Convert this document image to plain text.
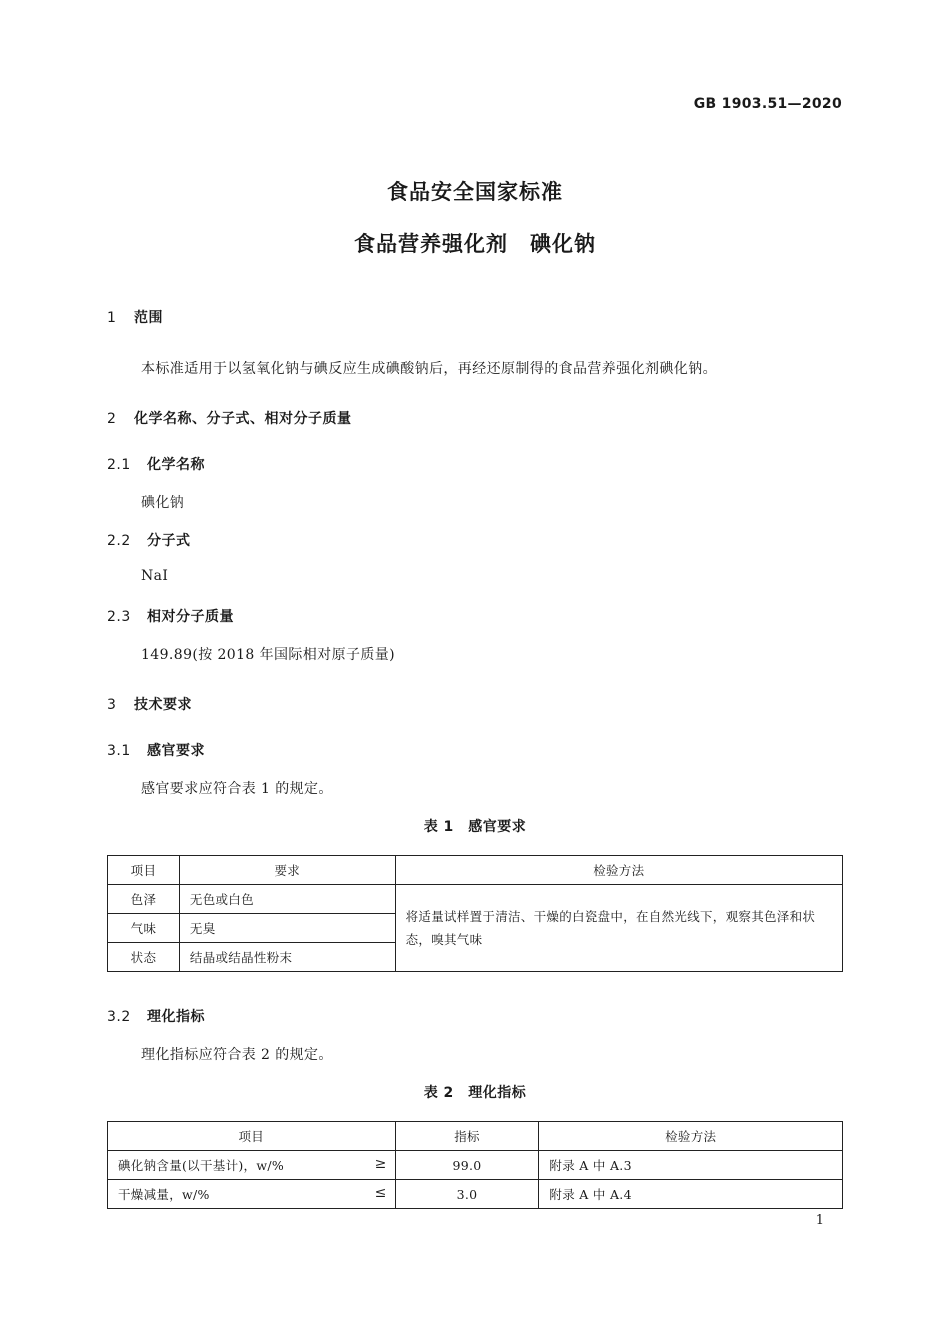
GB 1903.51—2020
食品安全国家标准
食品营养强化剂　碘化钠
1 范围
本标准适用于以氢氧化钠与碘反应生成碘酸钠后，再经还原制得的食品营养强化剂碘化钠。
2 化学名称、分子式、相对分子质量
2.1 化学名称
碘化钠
2.2 分子式
NaI
2.3 相对分子质量
149.89(按 2018 年国际相对原子质量)
3 技术要求
3.1 感官要求
感官要求应符合表 1 的规定。
表 1　感官要求
项目	要求	检验方法
色泽	无色或白色	将适量试样置于清洁、干燥的白瓷盘中，在自然光线下，观察其色泽和状态，嗅其气味
气味	无臭	
状态	结晶或结晶性粉末	
3.2 理化指标
理化指标应符合表 2 的规定。
表 2　理化指标
项目	指标	检验方法
碘化钠含量(以干基计)，w/% ≥	99.0	附录 A 中 A.3
干燥减量，w/% ≤	3.0	附录 A 中 A.4
1
